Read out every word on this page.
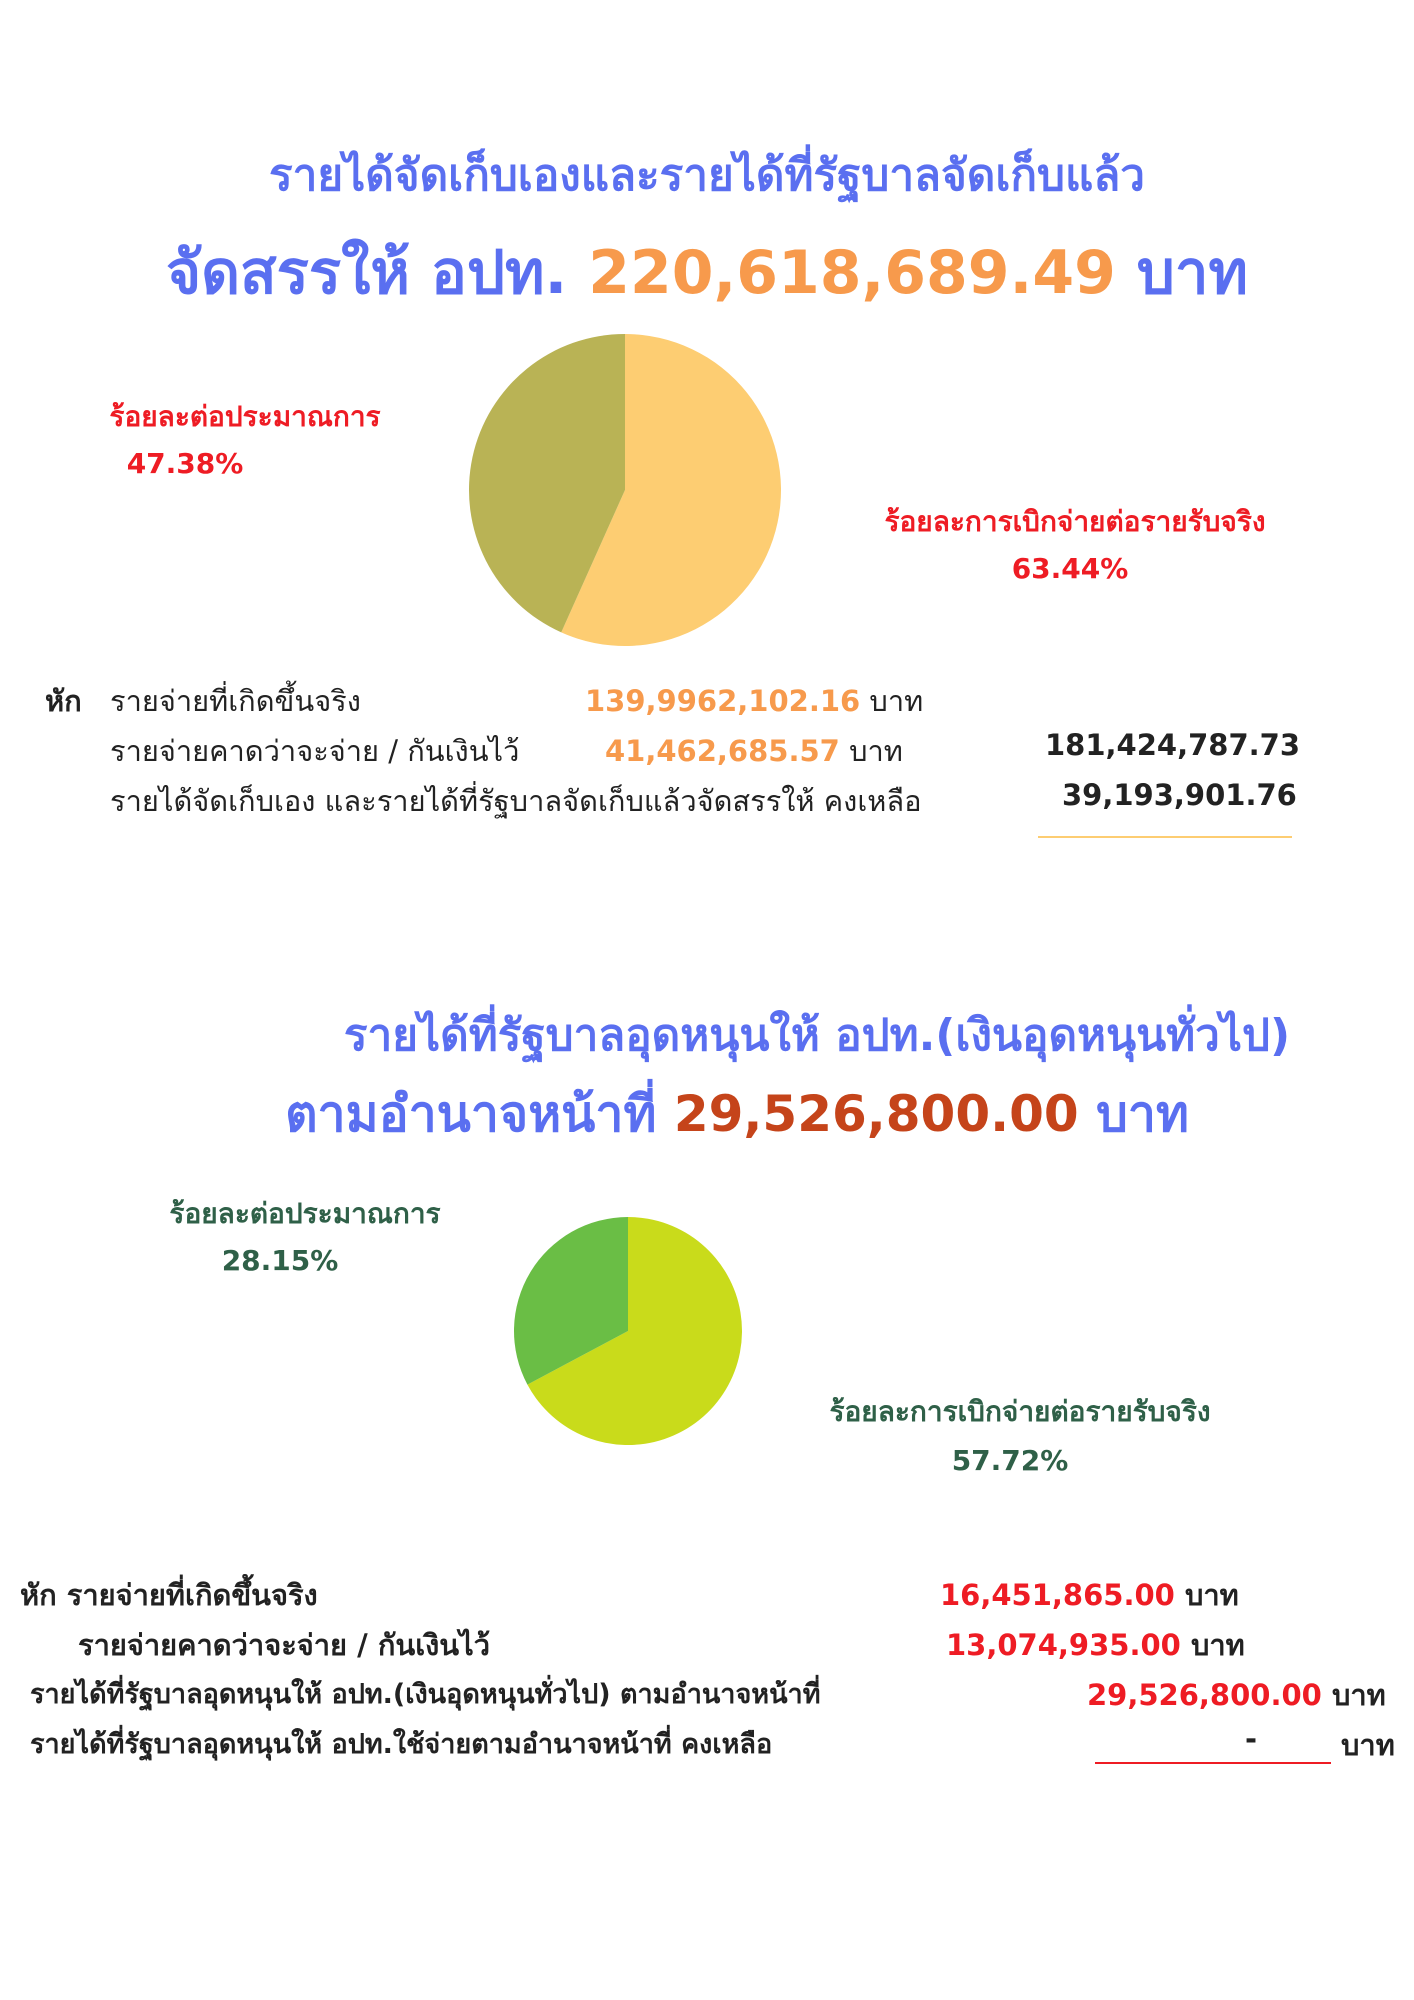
รายได้จัดเก็บเองและรายได้ที่รัฐบาลจัดเก็บแล้ว
จัดสรรให้ อปท. 220,618,689.49 บาท
ร้อยละต่อประมาณการ
47.38%
ร้อยละการเบิกจ่ายต่อรายรับจริง
63.44%
หัก รายจ่ายที่เกิดขึ้นจริง	139,9962,102.16 บาท
รายจ่ายคาดว่าจะจ่าย / กันเงินไว้	41,462,685.57 บาท	181,424,787.73
รายได้จัดเก็บเอง และรายได้ที่รัฐบาลจัดเก็บแล้วจัดสรรให้ คงเหลือ	39,193,901.76
รายได้ที่รัฐบาลอุดหนุนให้ อปท.(เงินอุดหนุนทั่วไป)
ตามอำนาจหน้าที่ 29,526,800.00 บาท
ร้อยละต่อประมาณการ
28.15%
ร้อยละการเบิกจ่ายต่อรายรับจริง
57.72%
หัก รายจ่ายที่เกิดขึ้นจริง	16,451,865.00 บาท
รายจ่ายคาดว่าจะจ่าย / กันเงินไว้	13,074,935.00 บาท
รายได้ที่รัฐบาลอุดหนุนให้ อปท.(เงินอุดหนุนทั่วไป) ตามอำนาจหน้าที่	29,526,800.00 บาท
รายได้ที่รัฐบาลอุดหนุนให้ อปท.ใช้จ่ายตามอำนาจหน้าที่ คงเหลือ	-	บาท
